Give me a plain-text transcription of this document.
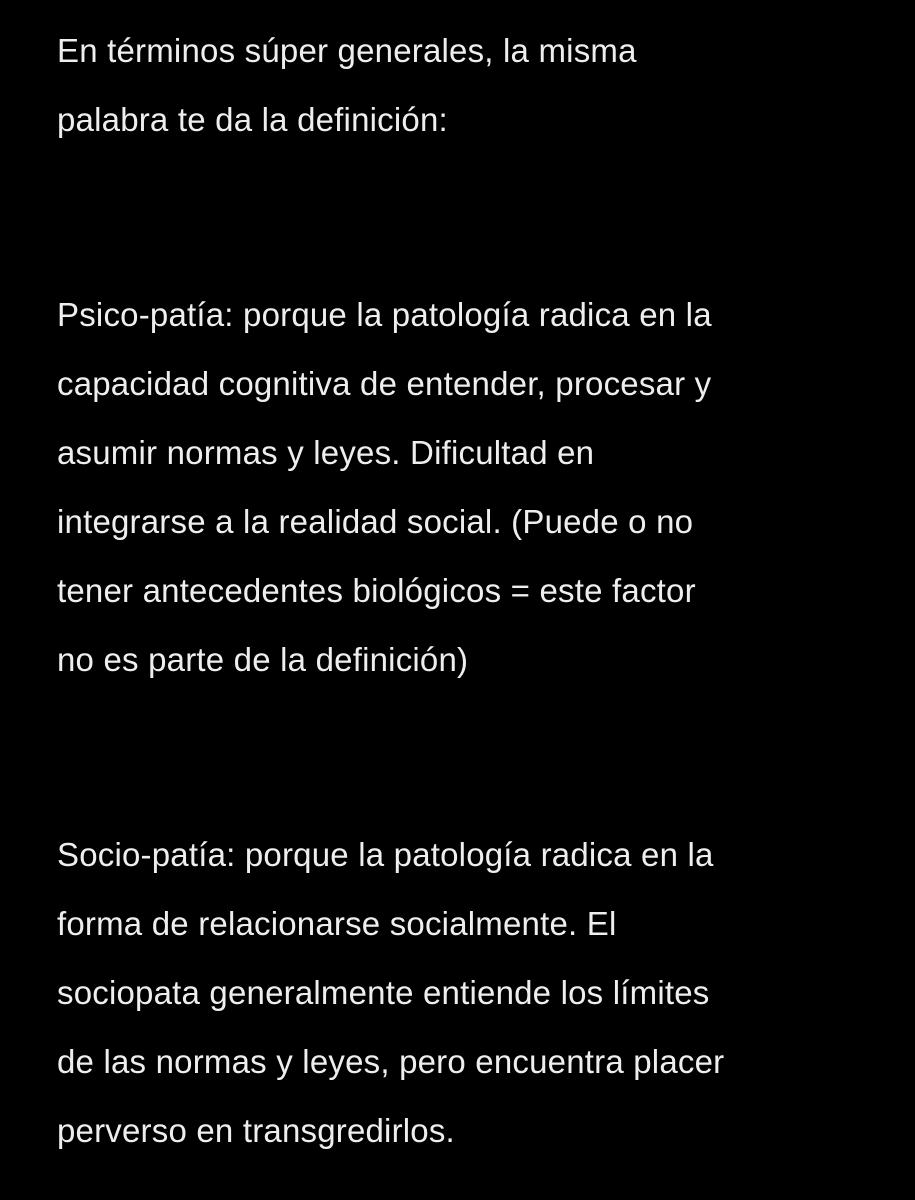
En términos súper generales, la misma
palabra te da la definición:

Psico-patía: porque la patología radica en la
capacidad cognitiva de entender, procesar y
asumir normas y leyes. Dificultad en
integrarse a la realidad social. (Puede o no
tener antecedentes biológicos = este factor
no es parte de la definición)

Socio-patía: porque la patología radica en la
forma de relacionarse socialmente. El
sociopata generalmente entiende los límites
de las normas y leyes, pero encuentra placer
perverso en transgredirlos.
